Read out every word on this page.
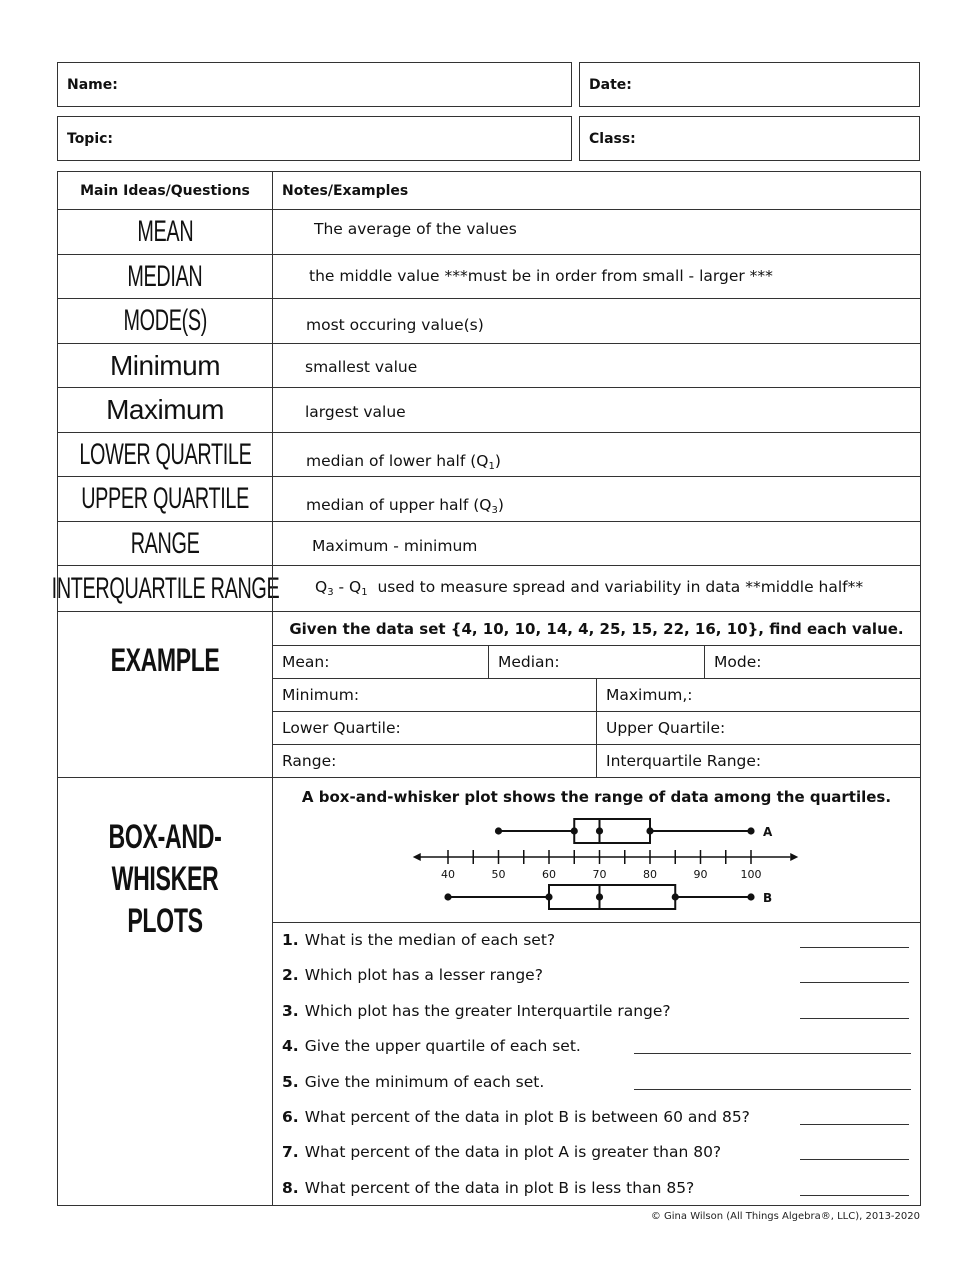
Name:	Date:
Topic:	Class:
Main Ideas/Questions Notes/Examples
MEAN	The average of the values
MEDIAN	the middle value ***must be in order from small - larger ***
MODE(S)	most occuring value(s)
Minimum	smallest value
Maximum	largest value
LOWER QUARTILE	median of lower half $(Q_1)$
UPPER QUARTILE	median of upper half $(Q_3)$
RANGE	Maximum - minimum
INTERQUARTILE RANGE $Q_3 - Q_1$  used to measure spread and variability in data **middle half**
EXAMPLE
Given the data set {4, 10, 10, 14, 4, 25, 15, 22, 16, 10}, find each value.
Mean:	Median:	Mode:
Minimum:	Maximum,:
Lower Quartile:	Upper Quartile:
Range:	Interquartile Range:
BOX-AND-
WHISKER PLOTS
A box-and-whisker plot shows the range of data among the quartiles.
40	50	60	70	80	90	100
A
B
1. What is the median of each set?
2. Which plot has a lesser range?
3. Which plot has the greater Interquartile range?
4. Give the upper quartile of each set.
5. Give the minimum of each set.
6. What percent of the data in plot B is between 60 and 85?
7. What percent of the data in plot A is greater than 80?
8. What percent of the data in plot B is less than 85?
© Gina Wilson (All Things Algebra®, LLC), 2013-2020
